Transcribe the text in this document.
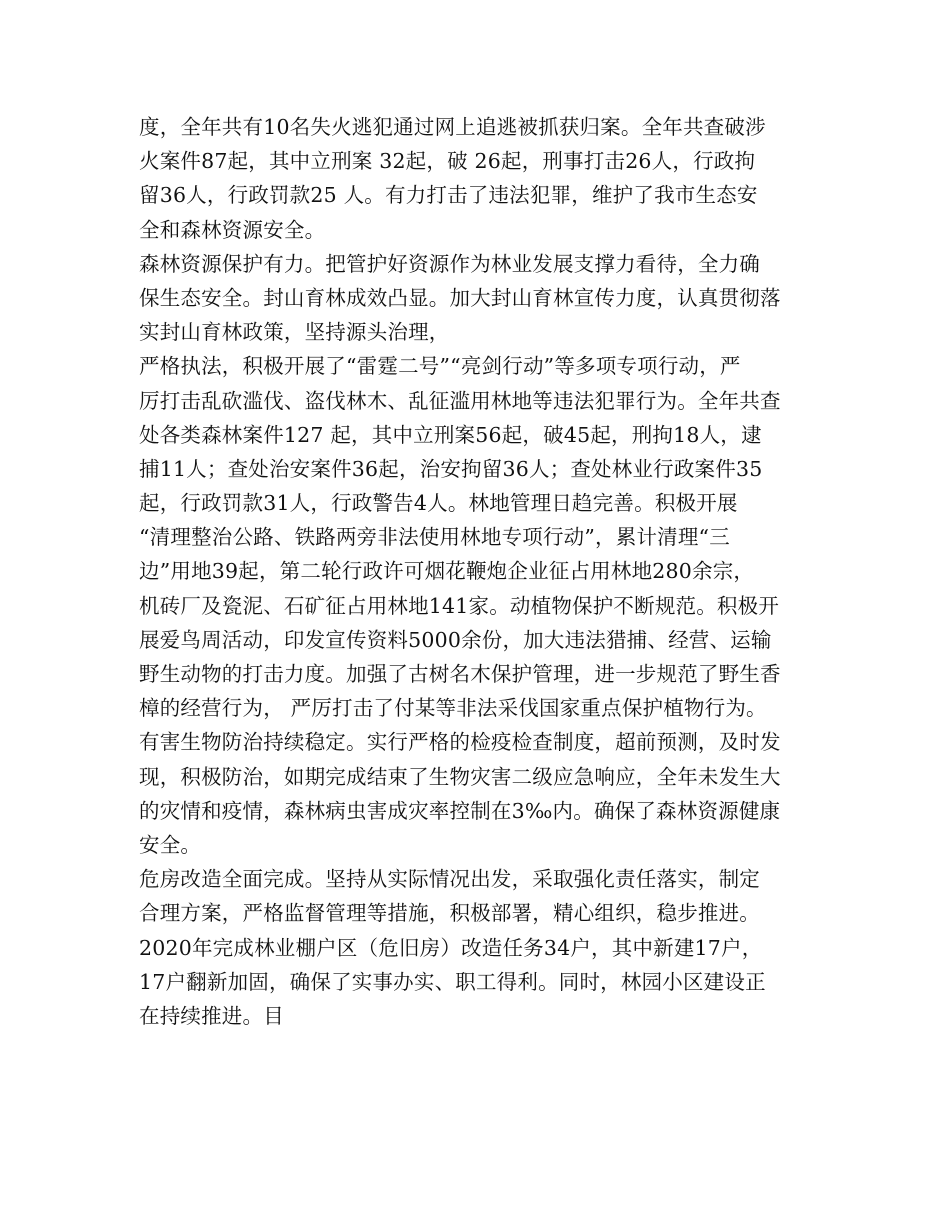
度，全年共有10名失火逃犯通过网上追逃被抓获归案。全年共查破涉
火案件87起，其中立刑案 32起，破 26起，刑事打击26人，行政拘
留36人，行政罚款25 人。有力打击了违法犯罪，维护了我市生态安
全和森林资源安全。
森林资源保护有力。把管护好资源作为林业发展支撑力看待，全力确
保生态安全。封山育林成效凸显。加大封山育林宣传力度，认真贯彻落
实封山育林政策，坚持源头治理，
严格执法，积极开展了“雷霆二号”“亮剑行动”等多项专项行动，严
厉打击乱砍滥伐、盗伐林木、乱征滥用林地等违法犯罪行为。全年共查
处各类森林案件127 起，其中立刑案56起，破45起，刑拘18人，逮
捕11人；查处治安案件36起，治安拘留36人；查处林业行政案件35
起，行政罚款31人，行政警告4人。林地管理日趋完善。积极开展
“清理整治公路、铁路两旁非法使用林地专项行动”，累计清理“三
边”用地39起，第二轮行政许可烟花鞭炮企业征占用林地280余宗，
机砖厂及瓷泥、石矿征占用林地141家。动植物保护不断规范。积极开
展爱鸟周活动，印发宣传资料5000余份，加大违法猎捕、经营、运输
野生动物的打击力度。加强了古树名木保护管理，进一步规范了野生香
樟的经营行为， 严厉打击了付某等非法采伐国家重点保护植物行为。
有害生物防治持续稳定。实行严格的检疫检查制度，超前预测，及时发
现，积极防治，如期完成结束了生物灾害二级应急响应，全年未发生大
的灾情和疫情，森林病虫害成灾率控制在3‰内。确保了森林资源健康
安全。
危房改造全面完成。坚持从实际情况出发，采取强化责任落实，制定
合理方案，严格监督管理等措施，积极部署，精心组织，稳步推进。
2020年完成林业棚户区（危旧房）改造任务34户，其中新建17户，
17户翻新加固，确保了实事办实、职工得利。同时，林园小区建设正
在持续推进。目
